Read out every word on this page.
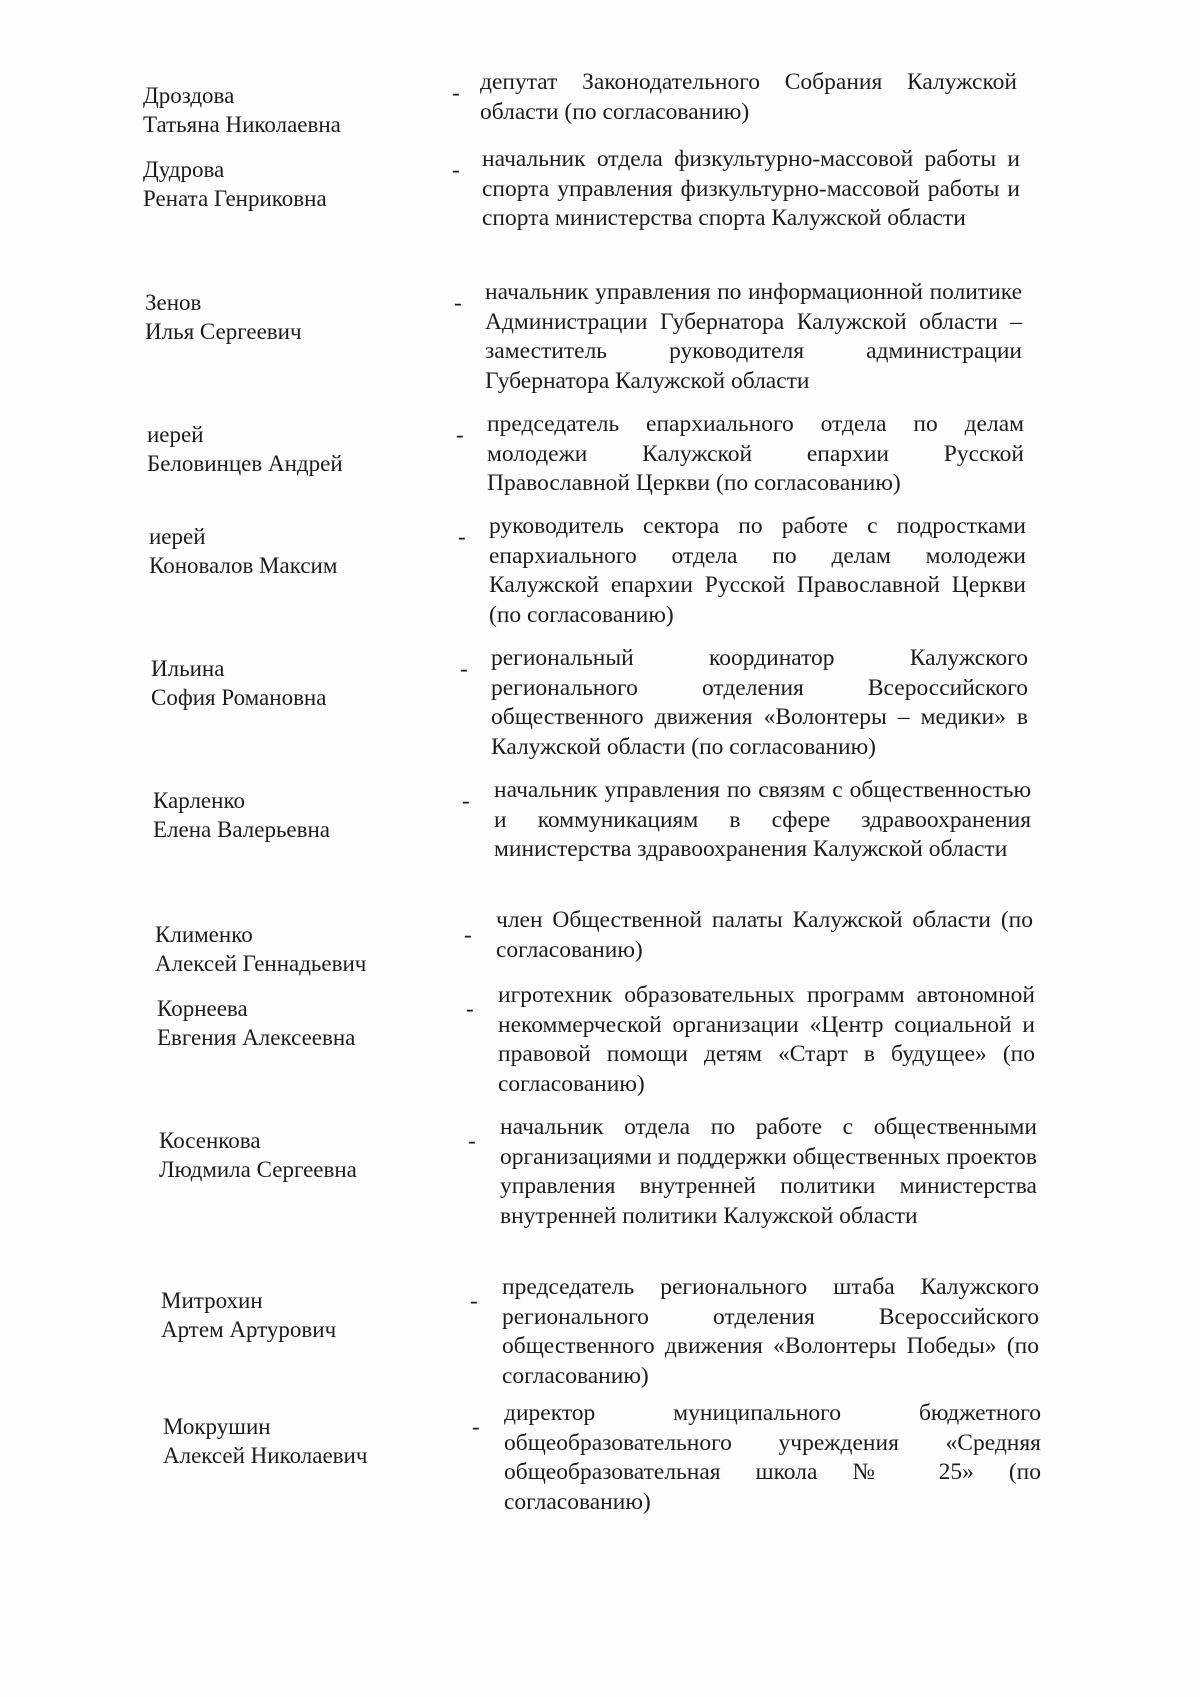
Дроздова
Татьяна Николаевна
- депутат Законодательного Собрания Калужской области (по согласованию)
Дудрова
Рената Генриковна
- начальник отдела физкультурно-массовой работы и спорта управления физкультурно-массовой работы и спорта министерства спорта Калужской области
Зенов
Илья Сергеевич
- начальник управления по информационной политике Администрации Губернатора Калужской области – заместитель руководителя администрации Губернатора Калужской области
иерей
Беловинцев Андрей
- председатель епархиального отдела по делам молодежи Калужской епархии Русской Православной Церкви (по согласованию)
иерей
Коновалов Максим
- руководитель сектора по работе с подростками епархиального отдела по делам молодежи Калужской епархии Русской Православной Церкви (по согласованию)
Ильина
София Романовна
- региональный координатор Калужского регионального отделения Всероссийского общественного движения «Волонтеры – медики» в Калужской области (по согласованию)
Карленко
Елена Валерьевна
- начальник управления по связям с общественностью и коммуникациям в сфере здравоохранения министерства здравоохранения Калужской области
Клименко
Алексей Геннадьевич
-
член Общественной палаты Калужской области (по согласованию)
Корнеева
Евгения Алексеевна
-
игротехник образовательных программ автономной некоммерческой организации «Центр социальной и правовой помощи детям «Старт в будущее» (по согласованию)
Косенкова
Людмила Сергеевна
-
начальник отдела по работе с общественными организациями и поддержки общественных проектов управления внутренней политики министерства внутренней политики Калужской области
Митрохин
Артем Артурович
-
председатель регионального штаба Калужского регионального отделения Всероссийского общественного движения «Волонтеры Победы» (по согласованию)
Мокрушин
Алексей Николаевич
-
директор муниципального бюджетного общеобразовательного учреждения «Средняя общеобразовательная школа № 25» (по согласованию)
